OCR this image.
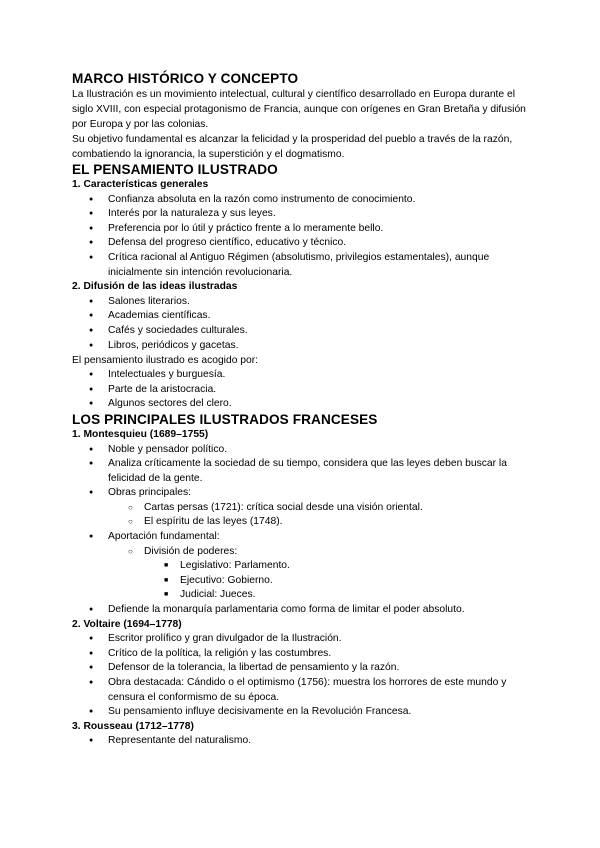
MARCO HISTÓRICO Y CONCEPTO

La Ilustración es un movimiento intelectual, cultural y científico desarrollado en Europa durante el siglo XVIII, con especial protagonismo de Francia, aunque con orígenes en Gran Bretaña y difusión por Europa y por las colonias.

Su objetivo fundamental es alcanzar la felicidad y la prosperidad del pueblo a través de la razón, combatiendo la ignorancia, la superstición y el dogmatismo.

EL PENSAMIENTO ILUSTRADO
1. Características generales
● Confianza absoluta en la razón como instrumento de conocimiento.
● Interés por la naturaleza y sus leyes.
● Preferencia por lo útil y práctico frente a lo meramente bello.
● Defensa del progreso científico, educativo y técnico.
● Crítica racional al Antiguo Régimen (absolutismo, privilegios estamentales), aunque inicialmente sin intención revolucionaria.
2. Difusión de las ideas ilustradas
● Salones literarios.
● Academias científicas.
● Cafés y sociedades culturales.
● Libros, periódicos y gacetas.

El pensamiento ilustrado es acogido por:

● Intelectuales y burguesía.
● Parte de la aristocracia.
● Algunos sectores del clero.
LOS PRINCIPALES ILUSTRADOS FRANCESES
1. Montesquieu (1689–1755)
● Noble y pensador político.
● Analiza críticamente la sociedad de su tiempo, considera que las leyes deben buscar la felicidad de la gente.
● Obras principales:
○ Cartas persas (1721): crítica social desde una visión oriental.
○ El espíritu de las leyes (1748).
● Aportación fundamental:
○ División de poderes:
■ Legislativo: Parlamento.
■ Ejecutivo: Gobierno.
■ Judicial: Jueces.
● Defiende la monarquía parlamentaria como forma de limitar el poder absoluto.
2. Voltaire (1694–1778)
● Escritor prolífico y gran divulgador de la Ilustración.
● Crítico de la política, la religión y las costumbres.
● Defensor de la tolerancia, la libertad de pensamiento y la razón.
● Obra destacada: Cándido o el optimismo (1756): muestra los horrores de este mundo y censura el conformismo de su época.
● Su pensamiento influye decisivamente en la Revolución Francesa.
3. Rousseau (1712–1778)
● Representante del naturalismo.
